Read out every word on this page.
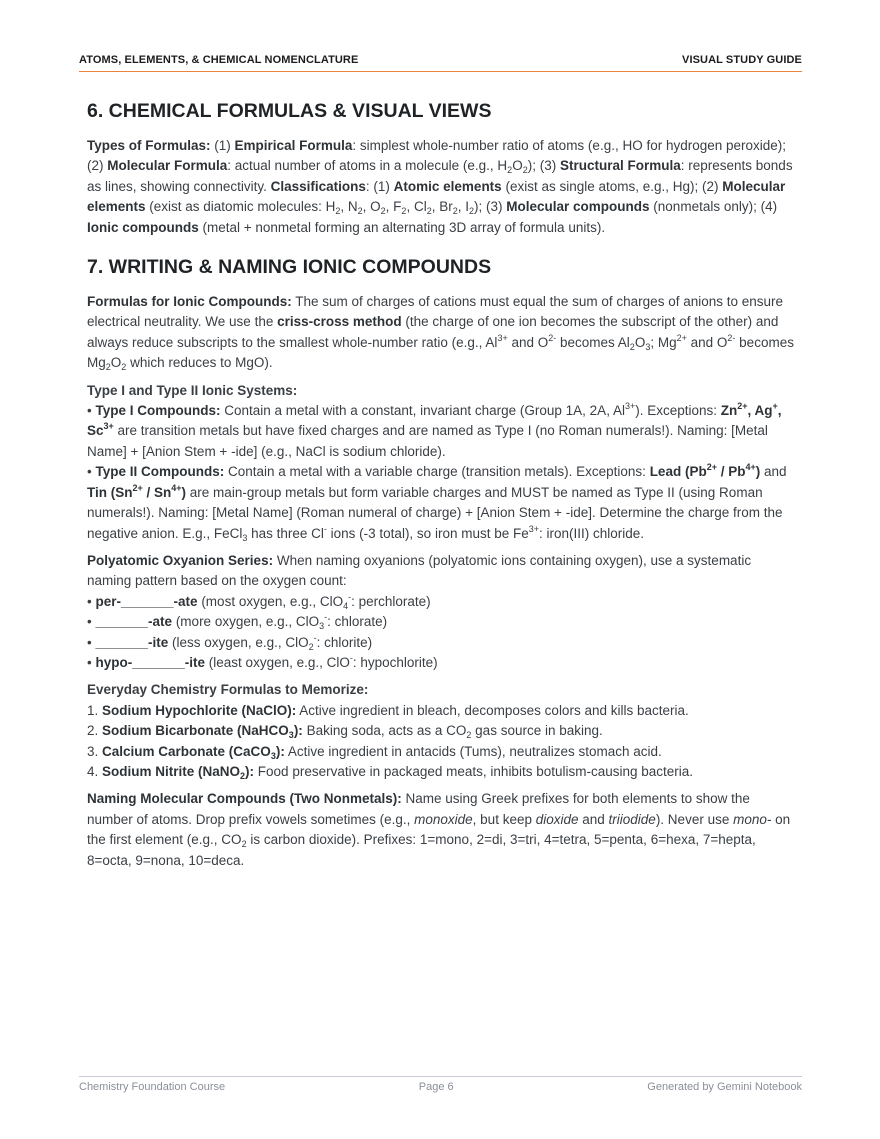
ATOMS, ELEMENTS, & CHEMICAL NOMENCLATURE	VISUAL STUDY GUIDE
6. CHEMICAL FORMULAS & VISUAL VIEWS

Types of Formulas: (1) Empirical Formula: simplest whole-number ratio of atoms (e.g., HO for hydrogen peroxide); (2) Molecular Formula: actual number of atoms in a molecule (e.g., $H_2O_2$); (3) Structural Formula: represents bonds as lines, showing connectivity. Classifications: (1) Atomic elements (exist as single atoms, e.g., Hg); (2) Molecular elements (exist as diatomic molecules: $H_2$, $N_2$, $O_2$, $F_2$, $Cl_2$, $Br_2$, $I_2$); (3) Molecular compounds (nonmetals only); (4) Ionic compounds (metal + nonmetal forming an alternating 3D array of formula units).

7. WRITING & NAMING IONIC COMPOUNDS

Formulas for Ionic Compounds: The sum of charges of cations must equal the sum of charges of anions to ensure electrical neutrality. We use the criss-cross method (the charge of one ion becomes the subscript of the other) and always reduce subscripts to the smallest whole-number ratio (e.g., $Al^{3+}$ and $O^{2-}$ becomes $Al_2O_3$; $Mg^{2+}$ and $O^{2-}$ becomes $Mg_2O_2$ which reduces to MgO).

Type I and Type II Ionic Systems:
• Type I Compounds: Contain a metal with a constant, invariant charge (Group 1A, 2A, $Al^{3+}$). Exceptions: $Zn^{2+}$, Ag+, $Sc^{3+}$ are transition metals but have fixed charges and are named as Type I (no Roman numerals!). Naming: [Metal Name] + [Anion Stem + -ide] (e.g., NaCl is sodium chloride).
• Type II Compounds: Contain a metal with a variable charge (transition metals). Exceptions: Lead $(Pb^{2+} / Pb^{4+})$ and Tin $(Sn^{2+} / Sn^{4+})$ are main-group metals but form variable charges and MUST be named as Type II (using Roman numerals!). Naming: [Metal Name] (Roman numeral of charge) + [Anion Stem + -ide]. Determine the charge from the negative anion. E.g., FeCl$_3$ has three Cl- ions (-3 total), so iron must be $Fe^{3+}$: iron(III) chloride.
Polyatomic Oxyanion Series: When naming oxyanions (polyatomic ions containing oxygen), use a systematic naming pattern based on the oxygen count:
• per-_______-ate (most oxygen, e.g., ClO$_4$-: perchlorate)
• _______-ate (more oxygen, e.g., ClO$_3$-: chlorate)
• _______-ite (less oxygen, e.g., ClO$_2$-: chlorite)
• hypo-_______-ite (least oxygen, e.g., ClO-: hypochlorite)
Everyday Chemistry Formulas to Memorize:
1. Sodium Hypochlorite (NaClO): Active ingredient in bleach, decomposes colors and kills bacteria.
2. Sodium Bicarbonate (NaHCO$_3$): Baking soda, acts as a $CO_2$ gas source in baking.
3. Calcium Carbonate (CaCO$_3$): Active ingredient in antacids (Tums), neutralizes stomach acid.
4. Sodium Nitrite (NaNO$_2$): Food preservative in packaged meats, inhibits botulism-causing bacteria.

Naming Molecular Compounds (Two Nonmetals): Name using Greek prefixes for both elements to show the number of atoms. Drop prefix vowels sometimes (e.g., monoxide, but keep dioxide and triiodide). Never use mono- on the first element (e.g., $CO_2$ is carbon dioxide). Prefixes: 1=mono, 2=di, 3=tri, 4=tetra, 5=penta, 6=hexa, 7=hepta, 8=octa, 9=nona, 10=deca.

Chemistry Foundation Course	Page 6	Generated by Gemini Notebook
